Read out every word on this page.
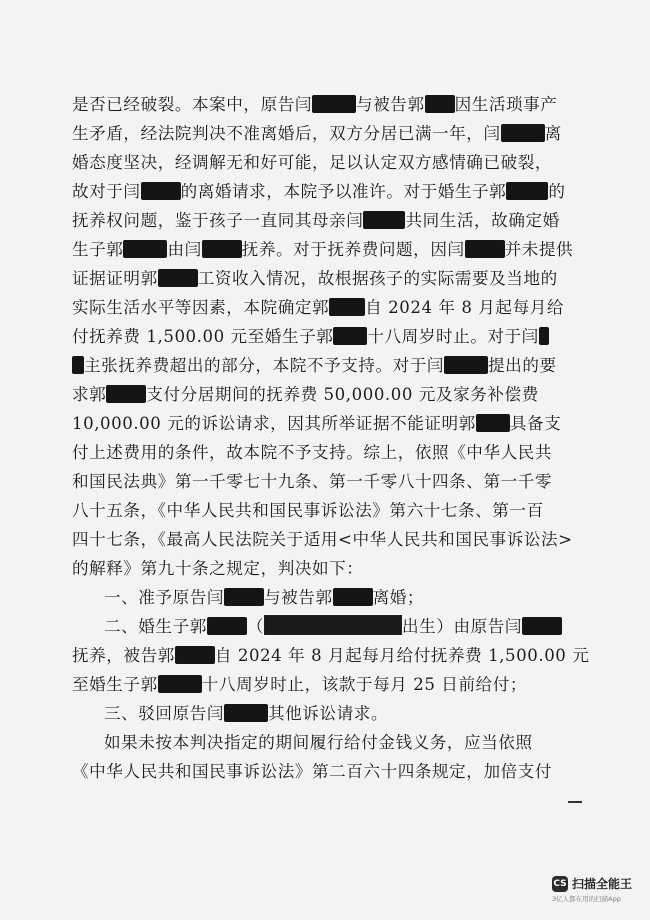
是否已经破裂。本案中，原告闫	与被告郭 因生活琐事产
生矛盾，经法院判决不准离婚后，双方分居已满一年，闫	离
婚态度坚决，经调解无和好可能，足以认定双方感情确已破裂，
故对于闫 的离婚请求，本院予以准许。对于婚生子郭	的
抚养权问题，鉴于孩子一直同其母亲闫	共同生活，故确定婚
生子郭	由闫 抚养。对于抚养费问题，因闫 并未提供
证据证明郭 工资收入情况，故根据孩子的实际需要及当地的
实际生活水平等因素，本院确定郭 自 2024 年 8 月起每月给
付抚养费 1,500.00 元至婚生子郭 十八周岁时止。对于闫
主张抚养费超出的部分，本院不予支持。对于闫	提出的要
求郭 支付分居期间的抚养费 50,000.00 元及家务补偿费
10,000.00 元的诉讼请求，因其所举证据不能证明郭 具备支
付上述费用的条件，故本院不予支持。综上，依照《中华人民共
和国民法典》第一千零七十九条、第一千零八十四条、第一千零
八十五条，《中华人民共和国民事诉讼法》第六十七条、第一百
四十七条，《最高人民法院关于适用<中华人民共和国民事诉讼法>
的解释》第九十条之规定，判决如下：
一、准予原告闫 与被告郭 离婚；
二、婚生子郭 （	出生）由原告闫
抚养，被告郭 自 2024 年 8 月起每月给付抚养费 1,500.00 元
至婚生子郭	十八周岁时止，该款于每月 25 日前给付；
三、驳回原告闫	其他诉讼请求。
如果未按本判决指定的期间履行给付金钱义务，应当依照
《中华人民共和国民事诉讼法》第二百六十四条规定，加倍支付
CS 扫描全能王
3亿人都在用的扫描App
